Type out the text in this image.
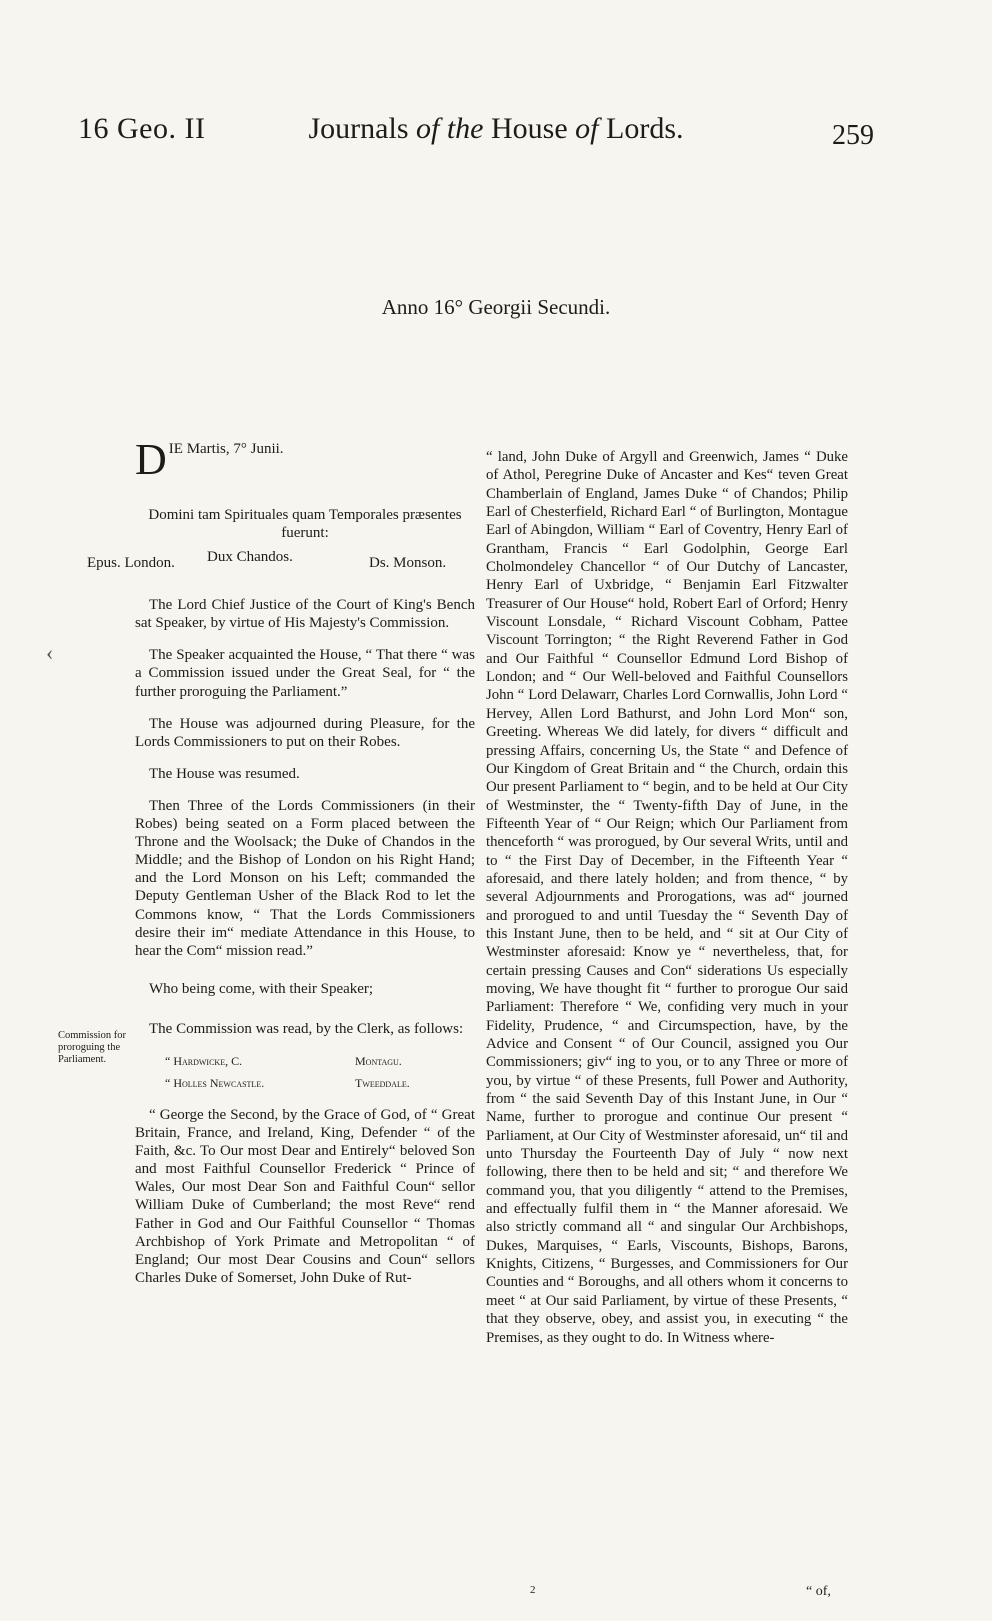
16 Geo. II	Journals of the House of Lords.	259
Anno 16° Georgii Secundi.
‹
Commission for proroguing the Parliament.
D IE Martis, 7° Junii.

Domini tam Spirituales quam Temporales præsentes fuerunt:

Epus. London. Dux Chandos.	Ds. Monson.

The Lord Chief Justice of the Court of King's Bench sat Speaker, by virtue of His Majesty's Commission.

The Speaker acquainted the House, “ That there “ was a Commission issued under the Great Seal, for “ the further proroguing the Parliament.”

The House was adjourned during Pleasure, for the Lords Commissioners to put on their Robes.

The House was resumed.

Then Three of the Lords Commissioners (in their Robes) being seated on a Form placed between the Throne and the Woolsack; the Duke of Chandos in the Middle; and the Bishop of London on his Right Hand; and the Lord Monson on his Left; commanded the Deputy Gentleman Usher of the Black Rod to let the Commons know, “ That the Lords Commissioners desire their im“ mediate Attendance in this House, to hear the Com“ mission read.”

Who being come, with their Speaker;

The Commission was read, by the Clerk, as follows:

“ Hardwicke, C.	Montagu.
“ Holles Newcastle.	Tweeddale.

“ George the Second, by the Grace of God, of “ Great Britain, France, and Ireland, King, Defender “ of the Faith, &c. To Our most Dear and Entirely“ beloved Son and most Faithful Counsellor Frederick “ Prince of Wales, Our most Dear Son and Faithful Coun“ sellor William Duke of Cumberland; the most Reve“ rend Father in God and Our Faithful Counsellor “ Thomas Archbishop of York Primate and Metropolitan “ of England; Our most Dear Cousins and Coun“ sellors Charles Duke of Somerset, John Duke of Rut-

“ land, John Duke of Argyll and Greenwich, James “ Duke of Athol, Peregrine Duke of Ancaster and Kes“ teven Great Chamberlain of England, James Duke “ of Chandos; Philip Earl of Chesterfield, Richard Earl “ of Burlington, Montague Earl of Abingdon, William “ Earl of Coventry, Henry Earl of Grantham, Francis “ Earl Godolphin, George Earl Cholmondeley Chancellor “ of Our Dutchy of Lancaster, Henry Earl of Uxbridge, “ Benjamin Earl Fitzwalter Treasurer of Our House“ hold, Robert Earl of Orford; Henry Viscount Lonsdale, “ Richard Viscount Cobham, Pattee Viscount Torrington; “ the Right Reverend Father in God and Our Faithful “ Counsellor Edmund Lord Bishop of London; and “ Our Well-beloved and Faithful Counsellors John “ Lord Delawarr, Charles Lord Cornwallis, John Lord “ Hervey, Allen Lord Bathurst, and John Lord Mon“ son, Greeting. Whereas We did lately, for divers “ difficult and pressing Affairs, concerning Us, the State “ and Defence of Our Kingdom of Great Britain and “ the Church, ordain this Our present Parliament to “ begin, and to be held at Our City of Westminster, the “ Twenty-fifth Day of June, in the Fifteenth Year of “ Our Reign; which Our Parliament from thenceforth “ was prorogued, by Our several Writs, until and to “ the First Day of December, in the Fifteenth Year “ aforesaid, and there lately holden; and from thence, “ by several Adjournments and Prorogations, was ad“ journed and prorogued to and until Tuesday the “ Seventh Day of this Instant June, then to be held, and “ sit at Our City of Westminster aforesaid: Know ye “ nevertheless, that, for certain pressing Causes and Con“ siderations Us especially moving, We have thought fit “ further to prorogue Our said Parliament: Therefore “ We, confiding very much in your Fidelity, Prudence, “ and Circumspection, have, by the Advice and Consent “ of Our Council, assigned you Our Commissioners; giv“ ing to you, or to any Three or more of you, by virtue “ of these Presents, full Power and Authority, from “ the said Seventh Day of this Instant June, in Our “ Name, further to prorogue and continue Our present “ Parliament, at Our City of Westminster aforesaid, un“ til and unto Thursday the Fourteenth Day of July “ now next following, there then to be held and sit; “ and therefore We command you, that you diligently “ attend to the Premises, and effectually fulfil them in “ the Manner aforesaid. We also strictly command all “ and singular Our Archbishops, Dukes, Marquises, “ Earls, Viscounts, Bishops, Barons, Knights, Citizens, “ Burgesses, and Commissioners for Our Counties and “ Boroughs, and all others whom it concerns to meet “ at Our said Parliament, by virtue of these Presents, “ that they observe, obey, and assist you, in executing “ the Premises, as they ought to do. In Witness where-

2	“ of,
